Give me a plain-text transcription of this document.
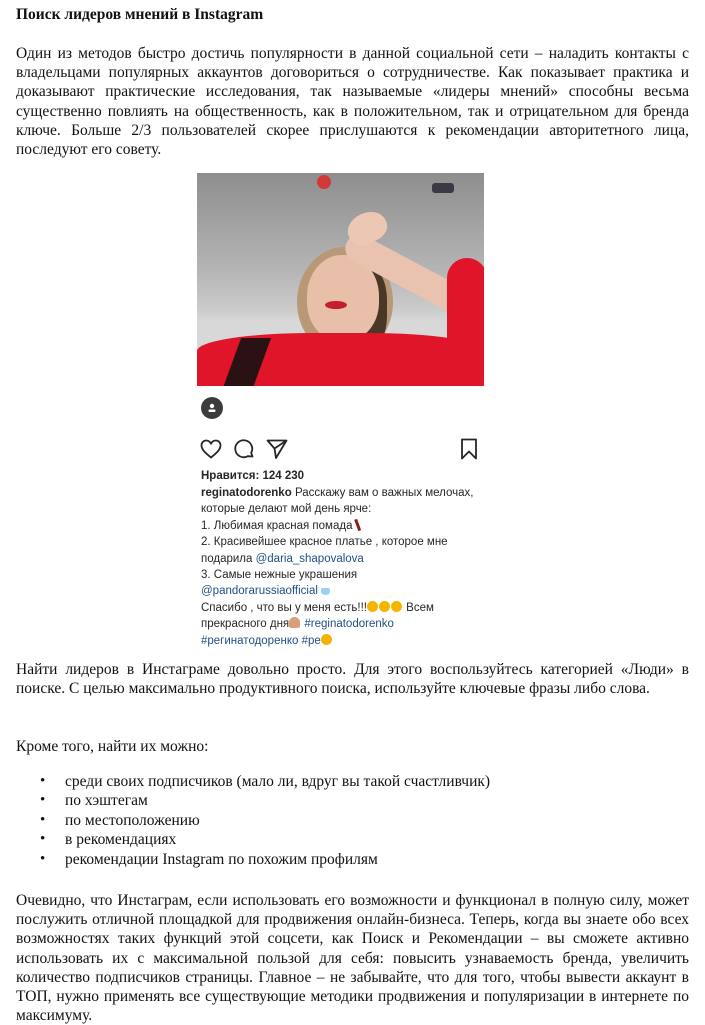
Поиск лидеров мнений в Instagram

Один из методов быстро достичь популярности в данной социальной сети – наладить контакты с владельцами популярных аккаунтов договориться о сотрудничестве. Как показывает практика и доказывают практические исследования, так называемые «лидеры мнений» способны весьма существенно повлиять на общественность, как в положительном, так и отрицательном для бренда ключе. Больше 2/3 пользователей скорее прислушаются к рекомендации авторитетного лица, последуют его совету.

Нравится: 124 230
reginatodorenko Расскажу вам о важных мелочах,
которые делают мой день ярче:
1. Любимая красная помада
2. Красивейшее красное платье , которое мне
подарила @daria_shapovalova
3. Самые нежные украшения
@pandorarussiaofficial
Спасибо , что вы у меня есть!!!	Всем
прекрасного дня #reginatodorenko
#регинатодоренко #ре

Найти лидеров в Инстаграме довольно просто. Для этого воспользуйтесь категорией «Люди» в поиске. С целью максимально продуктивного поиска, используйте ключевые фразы либо слова.

Кроме того, найти их можно:

• среди своих подписчиков (мало ли, вдруг вы такой счастливчик)
• по хэштегам
• по местоположению
• в рекомендациях
• рекомендации Instagram по похожим профилям

Очевидно, что Инстаграм, если использовать его возможности и функционал в полную силу, может послужить отличной площадкой для продвижения онлайн-бизнеса. Теперь, когда вы знаете обо всех возможностях таких функций этой соцсети, как Поиск и Рекомендации – вы сможете активно использовать их с максимальной пользой для себя: повысить узнаваемость бренда, увеличить количество подписчиков страницы. Главное – не забывайте, что для того, чтобы вывести аккаунт в ТОП, нужно применять все существующие методики продвижения и популяризации в интернете по максимуму.
